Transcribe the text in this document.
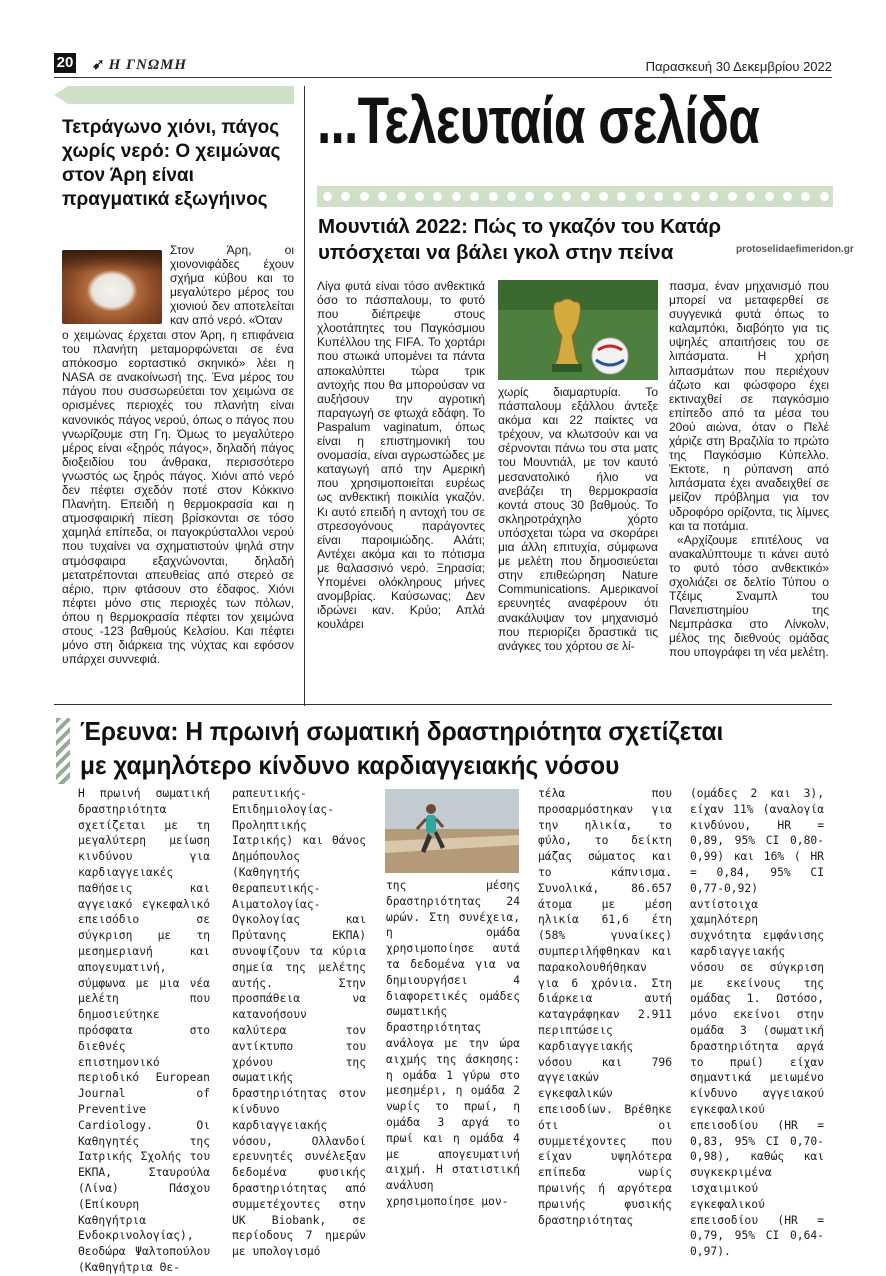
20 ➹ Η ΓΝΩΜΗ	Παρασκευή 30 Δεκεμβρίου 2022
Τετράγωνο χιόνι, πάγος χωρίς νερό: Ο χειμώνας στον Άρη είναι πραγματικά εξωγήινος
Στον Άρη, οι χιονονιφάδες έχουν σχήμα κύβου και το μεγαλύτερο μέρος του χιονιού δεν αποτελείται καν από νερό. «Όταν
ο χειμώνας έρχεται στον Άρη, η επιφάνεια του πλανήτη μεταμορφώνεται σε ένα απόκοσμο εορταστικό σκηνικό» λέει η NASA σε ανακοίνωσή της. Ένα μέρος του πάγου που συσσωρεύεται τον χειμώνα σε ορισμένες περιοχές του πλανήτη είναι κανονικός πάγος νερού, όπως ο πάγος που γνωρίζουμε στη Γη. Όμως το μεγαλύτερο μέρος είναι «ξηρός πάγος», δηλαδή πάγος διοξειδίου του άνθρακα, περισσότερο γνωστός ως ξηρός πάγος. Χιόνι από νερό δεν πέφτει σχεδόν ποτέ στον Κόκκινο Πλανήτη. Επειδή η θερμοκρασία και η ατμοσφαιρική πίεση βρίσκονται σε τόσο χαμηλά επίπεδα, οι παγοκρύσταλλοι νερού που τυχαίνει να σχηματιστούν ψηλά στην ατμόσφαιρα εξαχνώνονται, δηλαδή μετατρέπονται απευθείας από στερεό σε αέριο, πριν φτάσουν στο έδαφος. Χιόνι πέφτει μόνο στις περιοχές των πόλων, όπου η θερμοκρασία πέφτει τον χειμώνα στους -123 βαθμούς Κελσίου. Και πέφτει μόνο στη διάρκεια της νύχτας και εφόσον υπάρχει συννεφιά.
...Τελευταία σελίδα
Μουντιάλ 2022: Πώς το γκαζόν του Κατάρ υπόσχεται να βάλει γκολ στην πείνα	protoselidaefimeridon.gr
Λίγα φυτά είναι τόσο ανθεκτικά όσο το πάσπαλουμ, το φυτό που διέπρεψε στους χλοοτάπητες του Παγκόσμιου Κυπέλλου της FIFA. Το χορτάρι που στωικά υπομένει τα πάντα αποκαλύπτει τώρα τρικ αντοχής που θα μπορούσαν να αυξήσουν την αγροτική παραγωγή σε φτωχά εδάφη. Το Paspalum vaginatum, όπως είναι η επιστημονική του ονομασία, είναι αγρωστώδες με καταγωγή από την Αμερική που χρησιμοποιείται ευρέως ως ανθεκτική ποικιλία γκαζόν. Κι αυτό επειδή η αντοχή του σε στρεσογόνους παράγοντες είναι παροιμιώδης. Αλάτι; Αντέχει ακόμα και το πότισμα με θαλασσινό νερό. Ξηρασία; Υπομένει ολόκληρους μήνες ανομβρίας. Καύσωνας; Δεν ιδρώνει καν. Κρύο; Απλά κουλάρει
χωρίς διαμαρτυρία. Το πάσπαλουμ εξάλλου άντεξε ακόμα και 22 παίκτες να τρέχουν, να κλωτσούν και να σέρνονται πάνω του στα ματς του Μουντιάλ, με τον καυτό μεσανατολικό ήλιο να ανεβάζει τη θερμοκρασία κοντά στους 30 βαθμούς. Το σκληροτράχηλο χόρτο υπόσχεται τώρα να σκοράρει μια άλλη επιτυχία, σύμφωνα με μελέτη που δημοσιεύεται στην επιθεώρηση Nature Communications. Αμερικανοί ερευνητές αναφέρουν ότι ανακάλυψαν τον μηχανισμό που περιορίζει δραστικά τις ανάγκες του χόρτου σε λί-

πασμα, έναν μηχανισμό που μπορεί να μεταφερθεί σε συγγενικά φυτά όπως το καλαμπόκι, διαβόητο για τις υψηλές απαιτήσεις του σε λιπάσματα. Η χρήση λιπασμάτων που περιέχουν άζωτο και φώσφορο έχει εκτιναχθεί σε παγκόσμιο επίπεδο από τα μέσα του 20ού αιώνα, όταν ο Πελέ χάριζε στη Βραζιλία το πρώτο της Παγκόσμιο Κύπελλο. Έκτοτε, η ρύπανση από λιπάσματα έχει αναδειχθεί σε μείζον πρόβλημα για τον υδροφόρο ορίζοντα, τις λίμνες και τα ποτάμια.

«Αρχίζουμε επιτέλους να ανακαλύπτουμε τι κάνει αυτό το φυτό τόσο ανθεκτικό» σχολιάζει σε δελτίο Τύπου ο Τζέιμς Σναμπλ του Πανεπιστημίου της Νεμπράσκα στο Λίνκολν, μέλος της διεθνούς ομάδας που υπογράφει τη νέα μελέτη.

Έρευνα: Η πρωινή σωματική δραστηριότητα σχετίζεται
με χαμηλότερο κίνδυνο καρδιαγγειακής νόσου
Η πρωινή σωματική δραστηριότητα σχετίζεται με τη μεγαλύτερη μείωση κινδύνου για καρδιαγγειακές παθήσεις και αγγειακό εγκεφαλικό επεισόδιο σε σύγκριση με τη μεσημεριανή και απογευματινή, σύμφωνα με μια νέα μελέτη που δημοσιεύτηκε πρόσφατα στο διεθνές επιστημονικό περιοδικό European Journal of Preventive Cardiology. Οι Καθηγητές της Ιατρικής Σχολής του ΕΚΠΑ, Σταυρούλα (Λίνα) Πάσχου (Επίκουρη Καθηγήτρια Ενδοκρινολογίας), Θεοδώρα Ψαλτοπούλου (Καθηγήτρια Θε-
ραπευτικής-Επιδημιολογίας-Προληπτικής Ιατρικής) και Θάνος Δημόπουλος (Καθηγητής Θεραπευτικής-Αιματολογίας-Ογκολογίας και Πρύτανης ΕΚΠΑ) συνοψίζουν τα κύρια σημεία της μελέτης αυτής. Στην προσπάθεια να κατανοήσουν καλύτερα τον αντίκτυπο του χρόνου της σωματικής δραστηριότητας στον κίνδυνο καρδιαγγειακής νόσου, Ολλανδοί ερευνητές συνέλεξαν δεδομένα φυσικής δραστηριότητας από συμμετέχοντες στην UK Biobank, σε περίοδους 7 ημερών με υπολογισμό
της μέσης δραστηριότητας 24 ωρών. Στη συνέχεια, η ομάδα χρησιμοποίησε αυτά τα δεδομένα για να δημιουργήσει 4 διαφορετικές ομάδες σωματικής δραστηριότητας ανάλογα με την ώρα αιχμής της άσκησης: η ομάδα 1 γύρω στο μεσημέρι, η ομάδα 2 νωρίς το πρωί, η ομάδα 3 αργά το πρωί και η ομάδα 4 με απογευματινή αιχμή. Η στατιστική ανάλυση χρησιμοποίησε μον-
τέλα που προσαρμόστηκαν για την ηλικία, το φύλο, το δείκτη μάζας σώματος και το κάπνισμα. Συνολικά, 86.657 άτομα με μέση ηλικία 61,6 έτη (58% γυναίκες) συμπεριλήφθηκαν και παρακολουθήθηκαν για 6 χρόνια. Στη διάρκεια αυτή καταγράφηκαν 2.911 περιπτώσεις καρδιαγγειακής νόσου και 796 αγγειακών εγκεφαλικών επεισοδίων. Βρέθηκε ότι οι συμμετέχοντες που είχαν υψηλότερα επίπεδα νωρίς πρωινής ή αργότερα πρωινής φυσικής δραστηριότητας
(ομάδες 2 και 3), είχαν 11% (αναλογία κινδύνου, HR = 0,89, 95% CI 0,80-0,99) και 16% ( HR = 0,84, 95% CI 0,77-0,92) αντίστοιχα χαμηλότερη συχνότητα εμφάνισης καρδιαγγειακής νόσου σε σύγκριση με εκείνους της ομάδας 1. Ωστόσο, μόνο εκείνοι στην ομάδα 3 (σωματική δραστηριότητα αργά το πρωί) είχαν σημαντικά μειωμένο κίνδυνο αγγειακού εγκεφαλικού επεισοδίου (HR = 0,83, 95% CI 0,70-0,98), καθώς και συγκεκριμένα ισχαιμικού εγκεφαλικού επεισοδίου (HR = 0,79, 95% CI 0,64-0,97).
